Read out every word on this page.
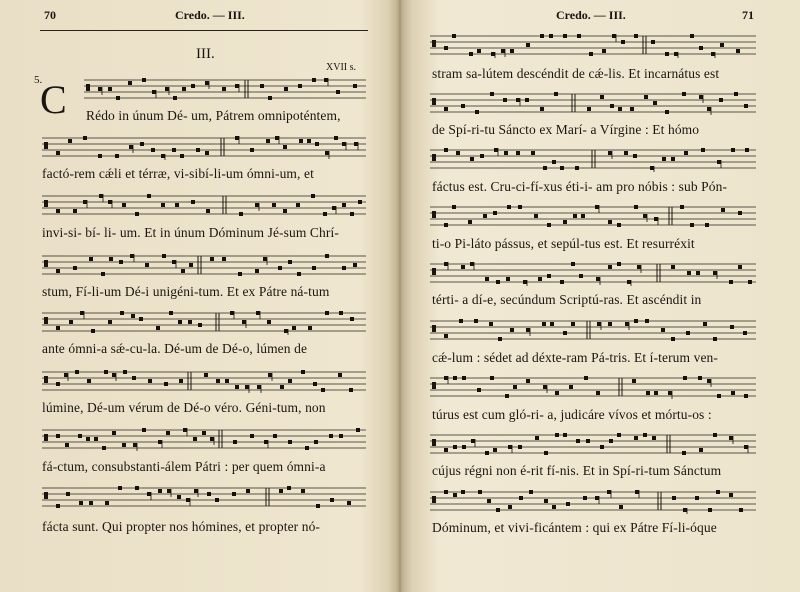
70	Credo. — III.
III.
XVII s.
5.
C Rédo in únum Dé- um, Pátrem omnipoténtem,
factó-rem cǽli et térræ, vi-sibí-li-um ómni-um, et
invi-si- bí- li- um. Et in únum Dóminum Jé-sum Chrí-
stum, Fí-li-um Dé-i unigéni-tum. Et ex Pátre ná-tum
ante ómni-a sǽ-cu-la. Dé-um de Dé-o, lúmen de
lúmine, Dé-um vérum de Dé-o véro. Géni-tum, non
fá-ctum, consubstanti-álem Pátri : per quem ómni-a
fácta sunt. Qui propter nos hómines, et propter nó-
Credo. — III.	71
stram sa-lútem descéndit de cǽ-lis. Et incarnátus est
de Spí-ri-tu Sáncto ex Marí- a Vírgine : Et hómo
fáctus est. Cru-ci-fí-xus éti-i- am pro nóbis : sub Pón-
ti-o Pi-láto pássus, et sepúl-tus est. Et resurréxit
térti- a dí-e, secúndum Scriptú-ras. Et ascéndit in
cǽ-lum : sédet ad déxte-ram Pá-tris. Et í-terum ven-
túrus est cum gló-ri- a, judicáre vívos et mórtu-os :
cújus régni non é-rit fí-nis. Et in Spí-ri-tum Sánctum
Dóminum, et vivi-ficántem : qui ex Pátre Fí-li-óque
